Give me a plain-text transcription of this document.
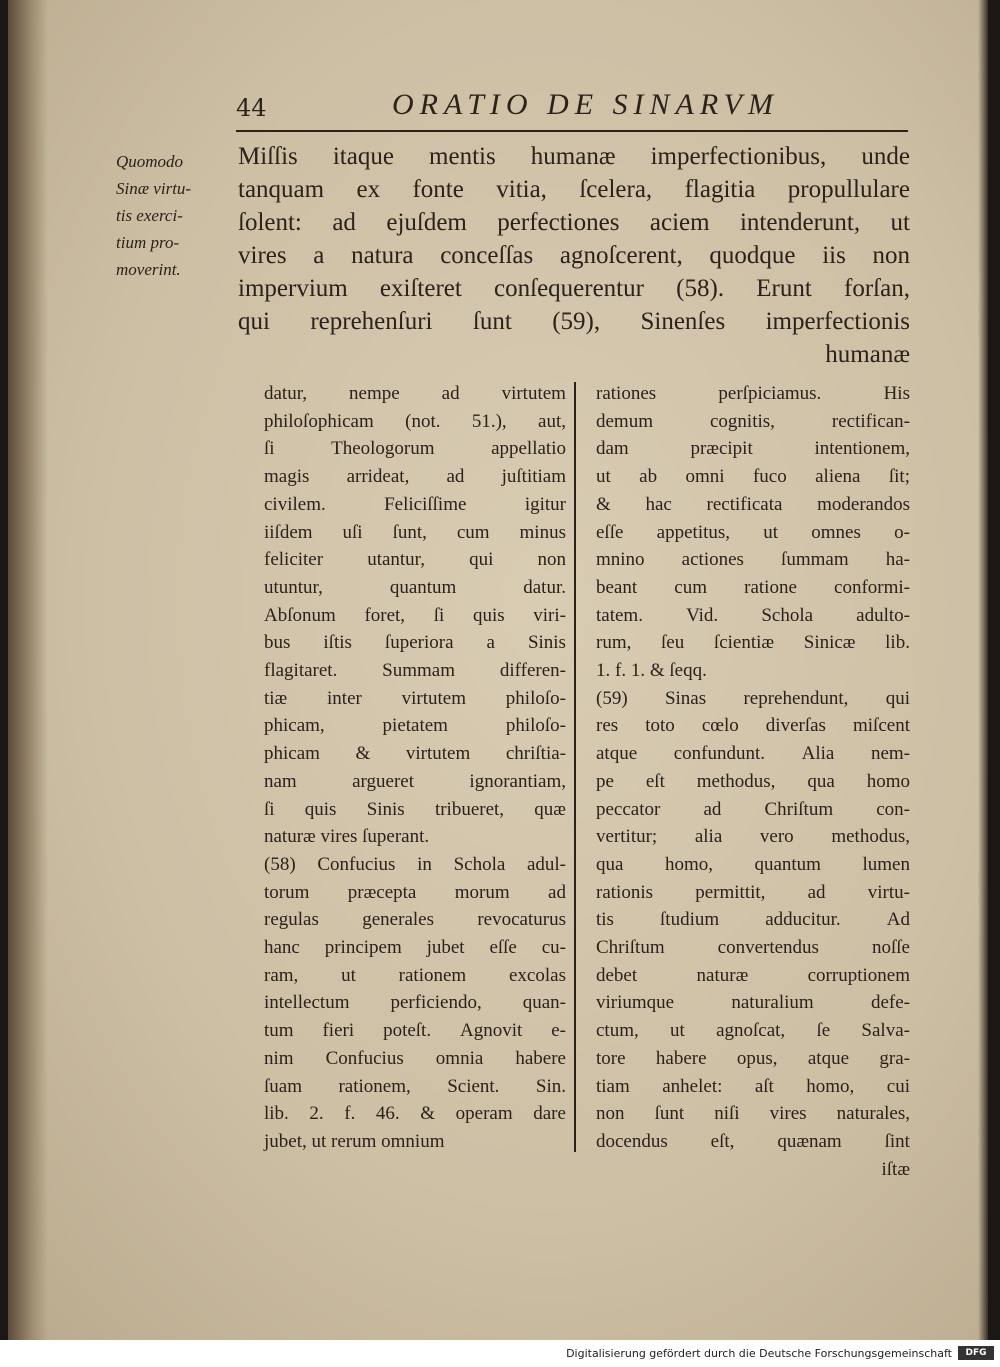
44	ORATIO DE SINARVM
Quomodo
Sinæ virtu-
tis exerci-
tium pro-
moverint.
Miſſis itaque mentis humanæ imperfectionibus, unde
tanquam ex fonte vitia, ſcelera, flagitia propullulare
ſolent: ad ejuſdem perfectiones aciem intenderunt, ut
vires a natura conceſſas agnoſcerent, quodque iis non
impervium exiſteret conſequerentur (58). Erunt forſan,
qui reprehenſuri ſunt (59), Sinenſes imperfectionis
humanæ
datur, nempe ad virtutem
philoſophicam (not. 51.), aut,
ſi	Theologorum	appellatio
magis arrideat, ad juſtitiam
civilem.	Feliciſſime	igitur
iiſdem uſi ſunt, cum minus
feliciter utantur, qui non
utuntur,	quantum	datur.
Abſonum foret, ſi quis viri-
bus iſtis ſuperiora a Sinis
flagitaret. Summam differen-
tiæ inter virtutem philoſo-
phicam,	pietatem	philoſo-
phicam & virtutem chriſtia-
nam	argueret	ignorantiam,
ſi quis Sinis tribueret, quæ
naturæ vires ſuperant.
(58) Confucius in Schola adul-
torum præcepta morum ad
regulas generales revocaturus
hanc principem jubet eſſe cu-
ram, ut rationem excolas
intellectum perficiendo, quan-
tum fieri poteſt. Agnovit e-
nim Confucius omnia habere
ſuam rationem, Scient. Sin.
lib. 2. f. 46. & operam dare
jubet, ut rerum omnium
rationes	perſpiciamus.	His
demum	cognitis,	rectifican-
dam	præcipit	intentionem,
ut ab omni fuco aliena ſit;
& hac rectificata moderandos
eſſe appetitus, ut omnes o-
mnino actiones ſummam ha-
beant cum ratione conformi-
tatem. Vid. Schola adulto-
rum, ſeu ſcientiæ Sinicæ lib.
1. f. 1. & ſeqq.
(59) Sinas reprehendunt, qui
res toto cœlo diverſas miſcent
atque confundunt. Alia nem-
pe eſt methodus, qua homo
peccator ad Chriſtum con-
vertitur; alia vero methodus,
qua homo, quantum lumen
rationis permittit, ad virtu-
tis ſtudium adducitur. Ad
Chriſtum	convertendus	noſſe
debet	naturæ	corruptionem
viriumque	naturalium	defe-
ctum, ut agnoſcat, ſe Salva-
tore habere opus, atque gra-
tiam anhelet: aſt homo, cui
non ſunt niſi vires naturales,
docendus eſt, quænam ſint
iſtæ
Digitalisierung gefördert durch die Deutsche Forschungsgemeinschaft	DFG
